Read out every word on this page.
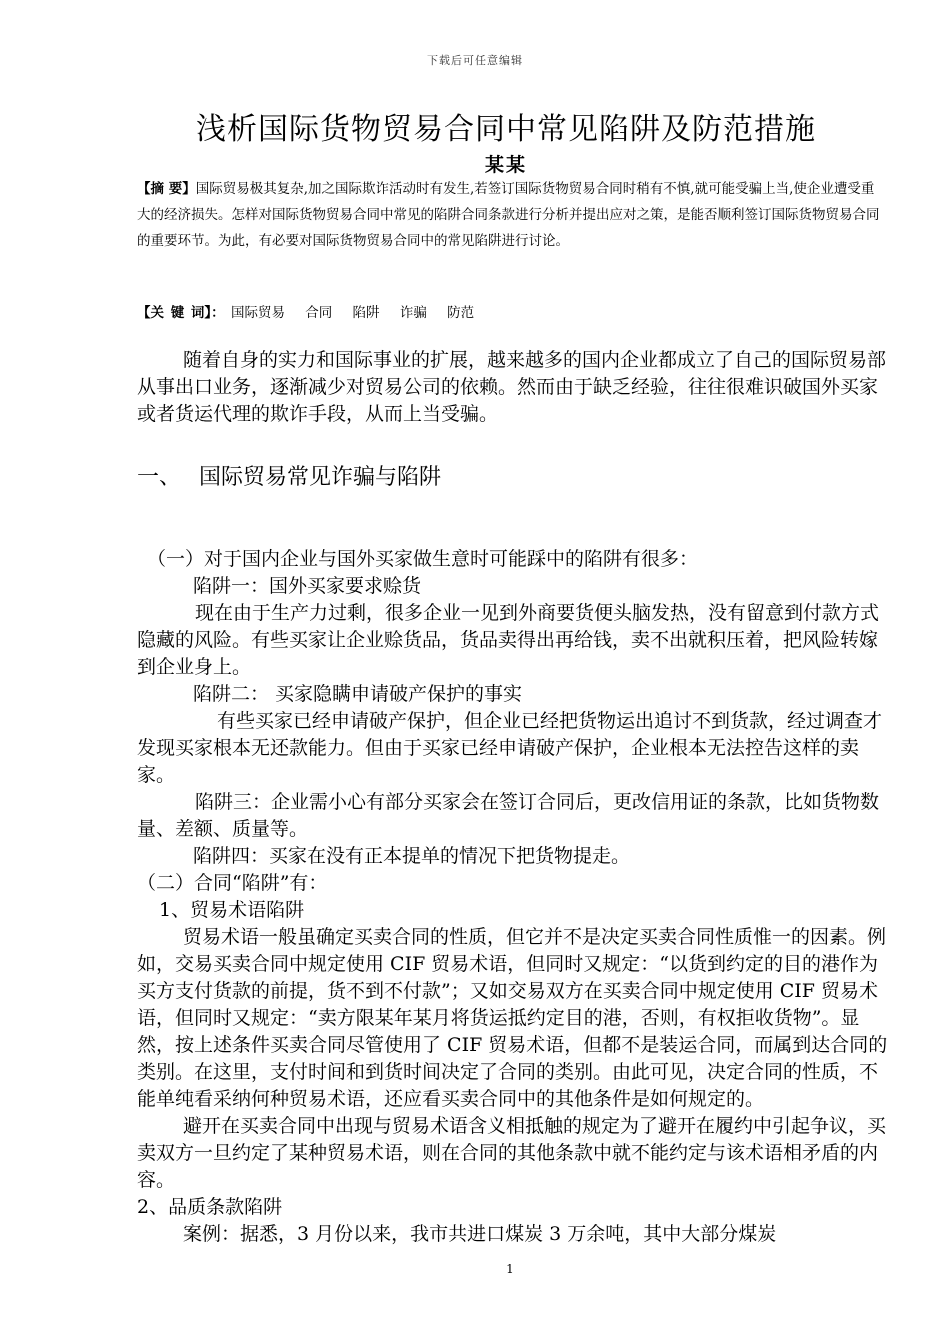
下载后可任意编辑
浅析国际货物贸易合同中常见陷阱及防范措施
某某
【摘 要】国际贸易极其复杂,加之国际欺诈活动时有发生,若签订国际货物贸易合同时稍有不慎,就可能受骗上当,使企业遭受重大的经济损失。怎样对国际货物贸易合同中常见的陷阱合同条款进行分析并提出应对之策，是能否顺利签订国际货物贸易合同的重要环节。为此，有必要对国际货物贸易合同中的常见陷阱进行讨论。
【关 键 词】： 国际贸易 合同 陷阱 诈骗 防范
随着自身的实力和国际事业的扩展，越来越多的国内企业都成立了自己的国际贸易部从事出口业务，逐渐减少对贸易公司的依赖。然而由于缺乏经验，往往很难识破国外买家或者货运代理的欺诈手段，从而上当受骗。
一、 国际贸易常见诈骗与陷阱

（一）对于国内企业与国外买家做生意时可能踩中的陷阱有很多：

陷阱一：国外买家要求赊货

现在由于生产力过剩，很多企业一见到外商要货便头脑发热，没有留意到付款方式隐藏的风险。有些买家让企业赊货品，货品卖得出再给钱，卖不出就积压着，把风险转嫁到企业身上。

陷阱二： 买家隐瞒申请破产保护的事实

有些买家已经申请破产保护，但企业已经把货物运出追讨不到货款，经过调查才发现买家根本无还款能力。但由于买家已经申请破产保护，企业根本无法控告这样的卖家。

陷阱三：企业需小心有部分买家会在签订合同后，更改信用证的条款，比如货物数量、差额、质量等。

陷阱四：买家在没有正本提单的情况下把货物提走。

（二）合同“陷阱”有：

1、贸易术语陷阱

贸易术语一般虽确定买卖合同的性质，但它并不是决定买卖合同性质惟一的因素。例如，交易买卖合同中规定使用 CIF 贸易术语，但同时又规定：“以货到约定的目的港作为买方支付货款的前提，货不到不付款”；又如交易双方在买卖合同中规定使用 CIF 贸易术语，但同时又规定：“卖方限某年某月将货运抵约定目的港，否则，有权拒收货物”。显然，按上述条件买卖合同尽管使用了 CIF 贸易术语，但都不是装运合同，而属到达合同的类别。在这里，支付时间和到货时间决定了合同的类别。由此可见，决定合同的性质，不能单纯看采纳何种贸易术语，还应看买卖合同中的其他条件是如何规定的。

避开在买卖合同中出现与贸易术语含义相抵触的规定为了避开在履约中引起争议，买卖双方一旦约定了某种贸易术语，则在合同的其他条款中就不能约定与该术语相矛盾的内容。

2、品质条款陷阱

案例：据悉，3 月份以来，我市共进口煤炭 3 万余吨，其中大部分煤炭

1
